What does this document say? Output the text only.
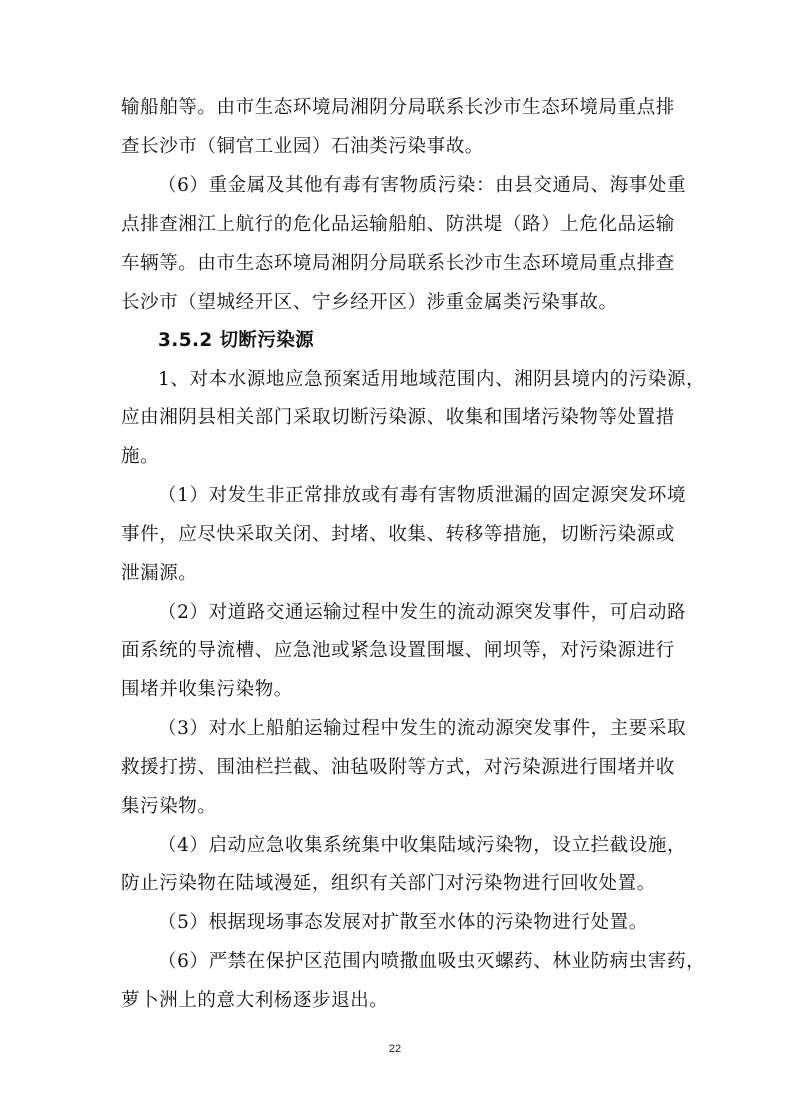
输船舶等。由市生态环境局湘阴分局联系长沙市生态环境局重点排
查长沙市（铜官工业园）石油类污染事故。
（6）重金属及其他有毒有害物质污染：由县交通局、海事处重
点排查湘江上航行的危化品运输船舶、防洪堤（路）上危化品运输
车辆等。由市生态环境局湘阴分局联系长沙市生态环境局重点排查
长沙市（望城经开区、宁乡经开区）涉重金属类污染事故。
3.5.2 切断污染源
1、对本水源地应急预案适用地域范围内、湘阴县境内的污染源，
应由湘阴县相关部门采取切断污染源、收集和围堵污染物等处置措
施。
（1）对发生非正常排放或有毒有害物质泄漏的固定源突发环境
事件，应尽快采取关闭、封堵、收集、转移等措施，切断污染源或
泄漏源。
（2）对道路交通运输过程中发生的流动源突发事件，可启动路
面系统的导流槽、应急池或紧急设置围堰、闸坝等，对污染源进行
围堵并收集污染物。
（3）对水上船舶运输过程中发生的流动源突发事件，主要采取
救援打捞、围油栏拦截、油毡吸附等方式，对污染源进行围堵并收
集污染物。
（4）启动应急收集系统集中收集陆域污染物，设立拦截设施，
防止污染物在陆域漫延，组织有关部门对污染物进行回收处置。
（5）根据现场事态发展对扩散至水体的污染物进行处置。
（6）严禁在保护区范围内喷撒血吸虫灭螺药、林业防病虫害药，
萝卜洲上的意大利杨逐步退出。
22
